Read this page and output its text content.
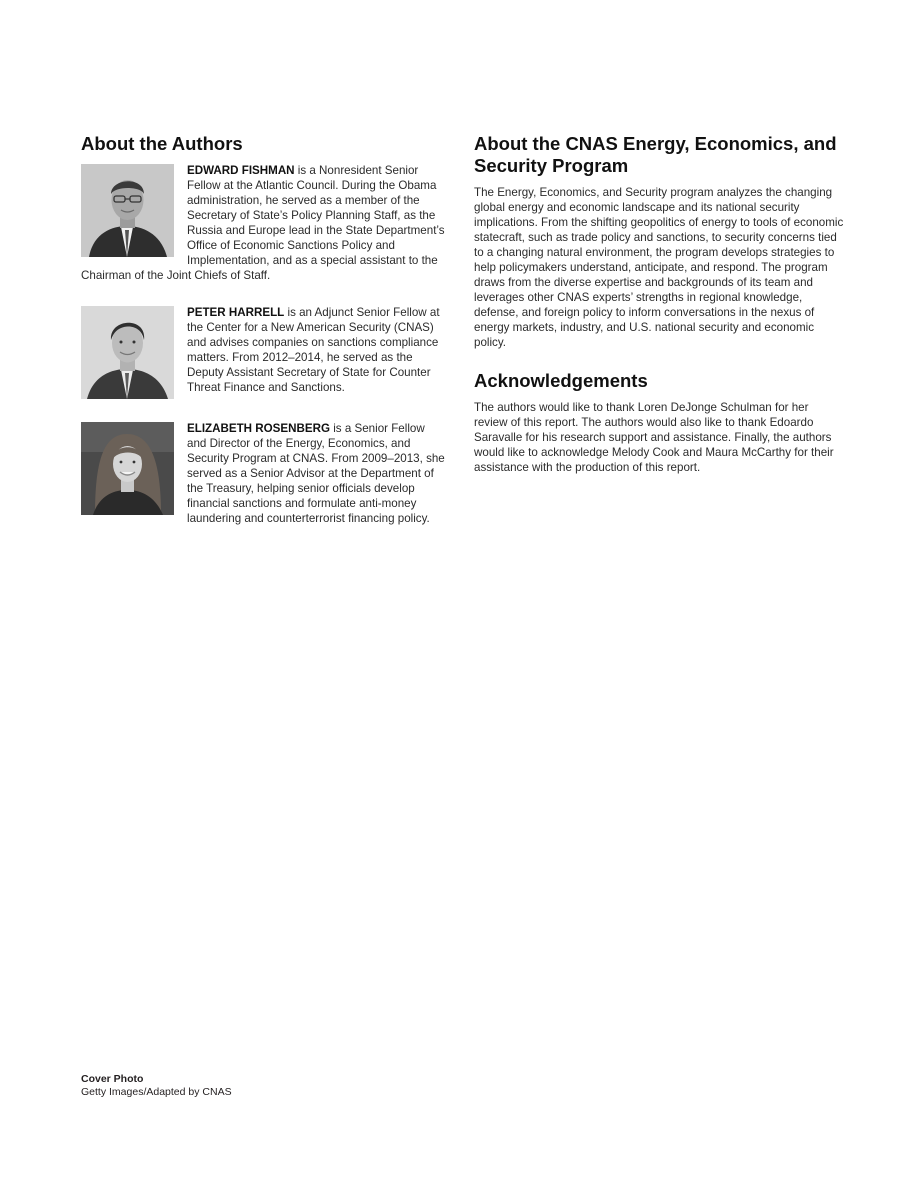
About the Authors
EDWARD FISHMAN is a Nonresident Senior Fellow at the Atlantic Council. During the Obama administration, he served as a member of the Secretary of State’s Policy Planning Staff, as the Russia and Europe lead in the State Department’s Office of Economic Sanctions Policy and Implementation, and as a special assistant to the Chairman of the Joint Chiefs of Staff.
PETER HARRELL is an Adjunct Senior Fellow at the Center for a New American Security (CNAS) and advises companies on sanctions compliance matters. From 2012–2014, he served as the Deputy Assistant Secretary of State for Counter Threat Finance and Sanctions.
ELIZABETH ROSENBERG is a Senior Fellow and Director of the Energy, Economics, and Security Program at CNAS. From 2009–2013, she served as a Senior Advisor at the Department of the Treasury, helping senior officials develop financial sanctions and formulate anti-money laundering and counterterrorist financing policy.
About the CNAS Energy, Economics, and Security Program

The Energy, Economics, and Security program analyzes the changing global energy and economic landscape and its national security implications. From the shifting geopolitics of energy to tools of economic statecraft, such as trade policy and sanctions, to security concerns tied to a changing natural environment, the program develops strategies to help policymakers understand, anticipate, and respond. The program draws from the diverse expertise and backgrounds of its team and leverages other CNAS experts’ strengths in regional knowledge, defense, and foreign policy to inform conversations in the nexus of energy markets, industry, and U.S. national security and economic policy.

Acknowledgements

The authors would like to thank Loren DeJonge Schulman for her review of this report. The authors would also like to thank Edoardo Saravalle for his research support and assistance. Finally, the authors would like to acknowledge Melody Cook and Maura McCarthy for their assistance with the production of this report.

Cover Photo
Getty Images/Adapted by CNAS
